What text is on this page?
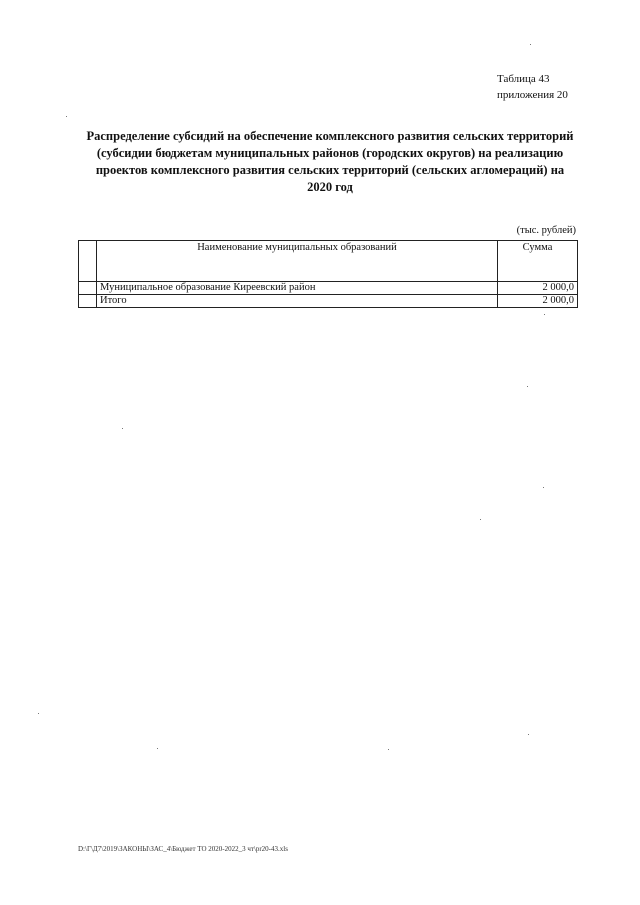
Таблица 43
приложения 20
Распределение субсидий на обеспечение комплексного развития сельских территорий
(субсидии бюджетам муниципальных районов (городских округов) на реализацию
проектов комплексного развития сельских территорий (сельских агломераций) на
2020 год
(тыс. рублей)
	Наименование муниципальных образований	Сумма
	Муниципальное образование Киреевский район	2 000,0
	Итого	2 000,0
D:\Г\Д7\2019\ЗАКОНЫ\ЗАС_4\Бюджет ТО 2020-2022_3 чт\pr20-43.xls
